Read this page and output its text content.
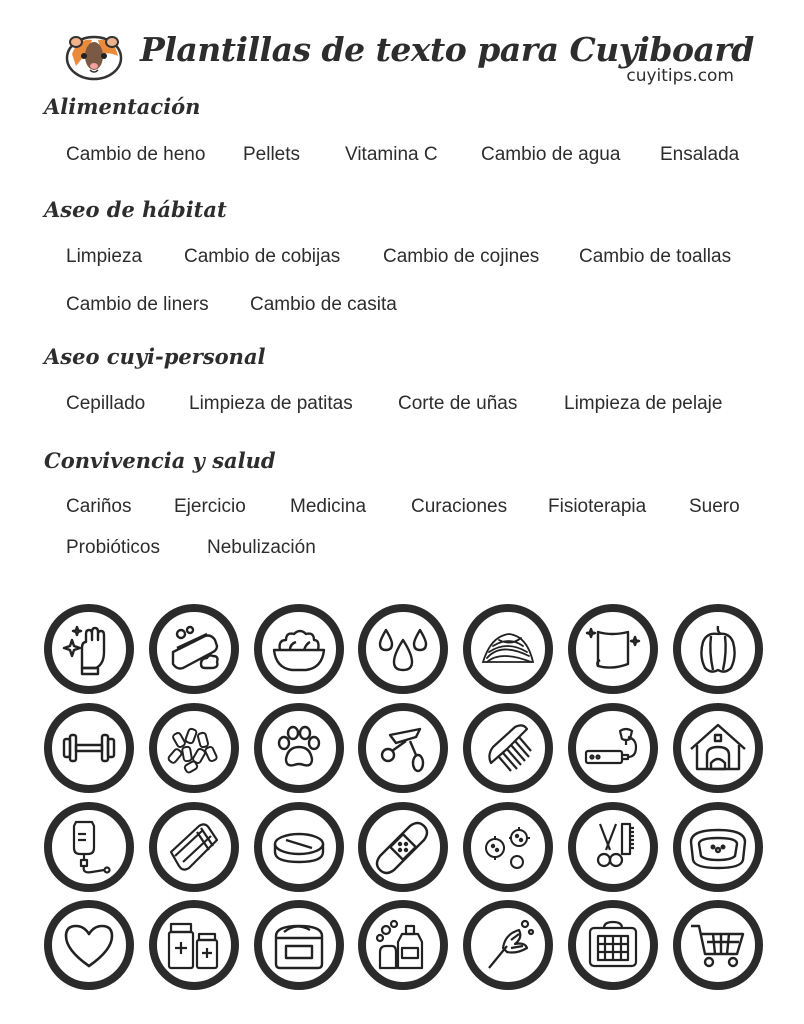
Plantillas de texto para Cuyiboard
cuyitips.com
Alimentación
Cambio de heno Pellets Vitamina C Cambio de agua Ensalada
Aseo de hábitat
Limpieza Cambio de cobijas Cambio de cojines Cambio de toallas
Cambio de liners Cambio de casita
Aseo cuyi-personal
Cepillado Limpieza de patitas Corte de uñas Limpieza de pelaje
Convivencia y salud
Cariños Ejercicio Medicina Curaciones Fisioterapia Suero
Probióticos Nebulización
